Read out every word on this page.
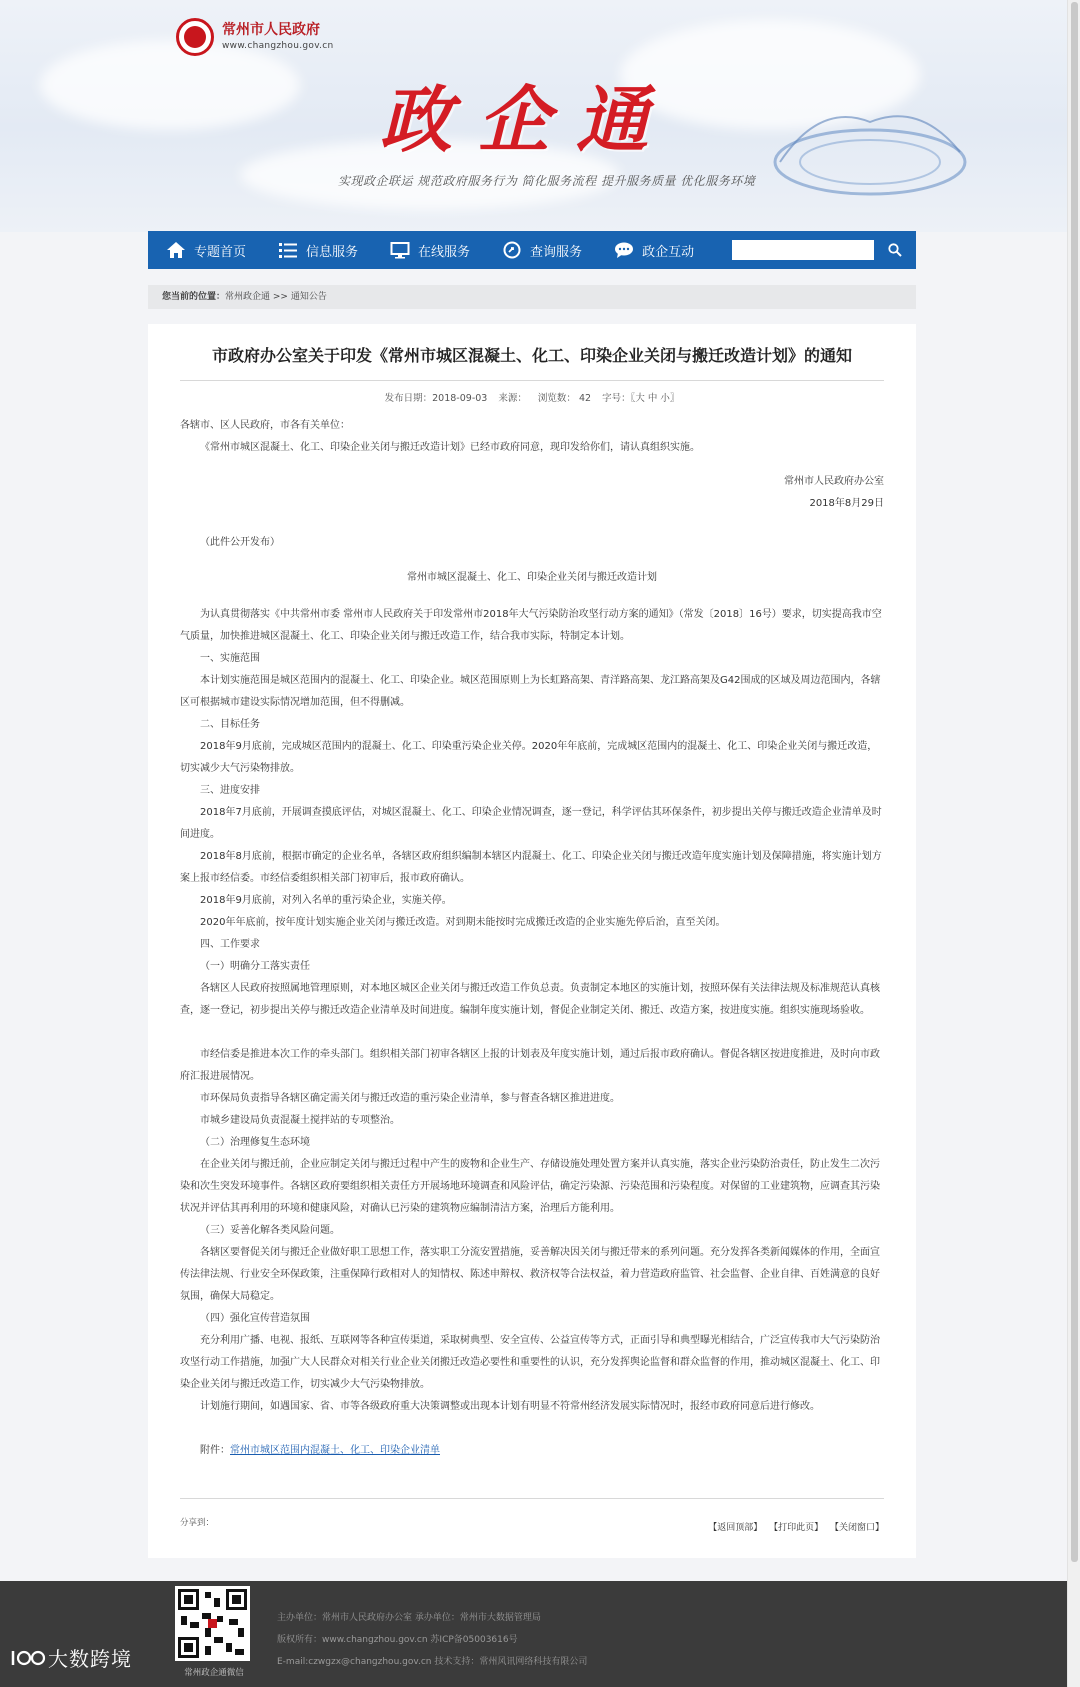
常州市人民政府
www.changzhou.gov.cn
政 企 通
实现政企联运 规范政府服务行为 简化服务流程 提升服务质量 优化服务环境
专题首页	信息服务	在线服务	查询服务	政企互动
您当前的位置：常州政企通 >> 通知公告
市政府办公室关于印发《常州市城区混凝土、化工、印染企业关闭与搬迁改造计划》的通知
发布日期：2018-09-03 来源： 浏览数： 42 字号：〖大 中 小〗
各辖市、区人民政府，市各有关单位：
《常州市城区混凝土、化工、印染企业关闭与搬迁改造计划》已经市政府同意，现印发给你们，请认真组织实施。
常州市人民政府办公室
2018年8月29日
（此件公开发布）
常州市城区混凝土、化工、印染企业关闭与搬迁改造计划
为认真贯彻落实《中共常州市委 常州市人民政府关于印发常州市2018年大气污染防治攻坚行动方案的通知》（常发〔2018〕16号）要求，切实提高我市空气质量，加快推进城区混凝土、化工、印染企业关闭与搬迁改造工作，结合我市实际，特制定本计划。
一、实施范围
本计划实施范围是城区范围内的混凝土、化工、印染企业。城区范围原则上为长虹路高架、青洋路高架、龙江路高架及G42围成的区域及周边范围内，各辖区可根据城市建设实际情况增加范围，但不得删减。
二、目标任务
2018年9月底前，完成城区范围内的混凝土、化工、印染重污染企业关停。2020年年底前，完成城区范围内的混凝土、化工、印染企业关闭与搬迁改造，切实减少大气污染物排放。
三、进度安排
2018年7月底前，开展调查摸底评估，对城区混凝土、化工、印染企业情况调查，逐一登记，科学评估其环保条件，初步提出关停与搬迁改造企业清单及时间进度。
2018年8月底前，根据市确定的企业名单，各辖区政府组织编制本辖区内混凝土、化工、印染企业关闭与搬迁改造年度实施计划及保障措施，将实施计划方案上报市经信委。市经信委组织相关部门初审后，报市政府确认。
2018年9月底前，对列入名单的重污染企业，实施关停。
2020年年底前，按年度计划实施企业关闭与搬迁改造。对到期未能按时完成搬迁改造的企业实施先停后治，直至关闭。
四、工作要求
（一）明确分工落实责任
各辖区人民政府按照属地管理原则，对本地区城区企业关闭与搬迁改造工作负总责。负责制定本地区的实施计划，按照环保有关法律法规及标准规范认真核查，逐一登记，初步提出关停与搬迁改造企业清单及时间进度。编制年度实施计划，督促企业制定关闭、搬迁、改造方案，按进度实施。组织实施现场验收。
市经信委是推进本次工作的牵头部门。组织相关部门初审各辖区上报的计划表及年度实施计划，通过后报市政府确认。督促各辖区按进度推进，及时向市政府汇报进展情况。
市环保局负责指导各辖区确定需关闭与搬迁改造的重污染企业清单，参与督查各辖区推进进度。
市城乡建设局负责混凝土搅拌站的专项整治。
（二）治理修复生态环境
在企业关闭与搬迁前，企业应制定关闭与搬迁过程中产生的废物和企业生产、存储设施处理处置方案并认真实施，落实企业污染防治责任，防止发生二次污染和次生突发环境事件。各辖区政府要组织相关责任方开展场地环境调查和风险评估，确定污染源、污染范围和污染程度。对保留的工业建筑物，应调查其污染状况并评估其再利用的环境和健康风险，对确认已污染的建筑物应编制清洁方案，治理后方能利用。
（三）妥善化解各类风险问题。
各辖区要督促关闭与搬迁企业做好职工思想工作，落实职工分流安置措施，妥善解决因关闭与搬迁带来的系列问题。充分发挥各类新闻媒体的作用，全面宣传法律法规、行业安全环保政策，注重保障行政相对人的知情权、陈述申辩权、救济权等合法权益，着力营造政府监管、社会监督、企业自律、百姓满意的良好氛围，确保大局稳定。
（四）强化宣传营造氛围
充分利用广播、电视、报纸、互联网等各种宣传渠道，采取树典型、安全宣传、公益宣传等方式，正面引导和典型曝光相结合，广泛宣传我市大气污染防治攻坚行动工作措施，加强广大人民群众对相关行业企业关闭搬迁改造必要性和重要性的认识，充分发挥舆论监督和群众监督的作用，推动城区混凝土、化工、印染企业关闭与搬迁改造工作，切实减少大气污染物排放。
计划施行期间，如遇国家、省、市等各级政府重大决策调整或出现本计划有明显不符常州经济发展实际情况时，报经市政府同意后进行修改。
附件：常州市城区范围内混凝土、化工、印染企业清单
分享到：	【返回顶部】 【打印此页】 【关闭窗口】
常州政企通微信
主办单位：常州市人民政府办公室 承办单位：常州市大数据管理局
版权所有：www.changzhou.gov.cn 苏ICP备05003616号
E-mail:czwgzx@changzhou.gov.cn 技术支持：常州风讯网络科技有限公司
大数跨境
